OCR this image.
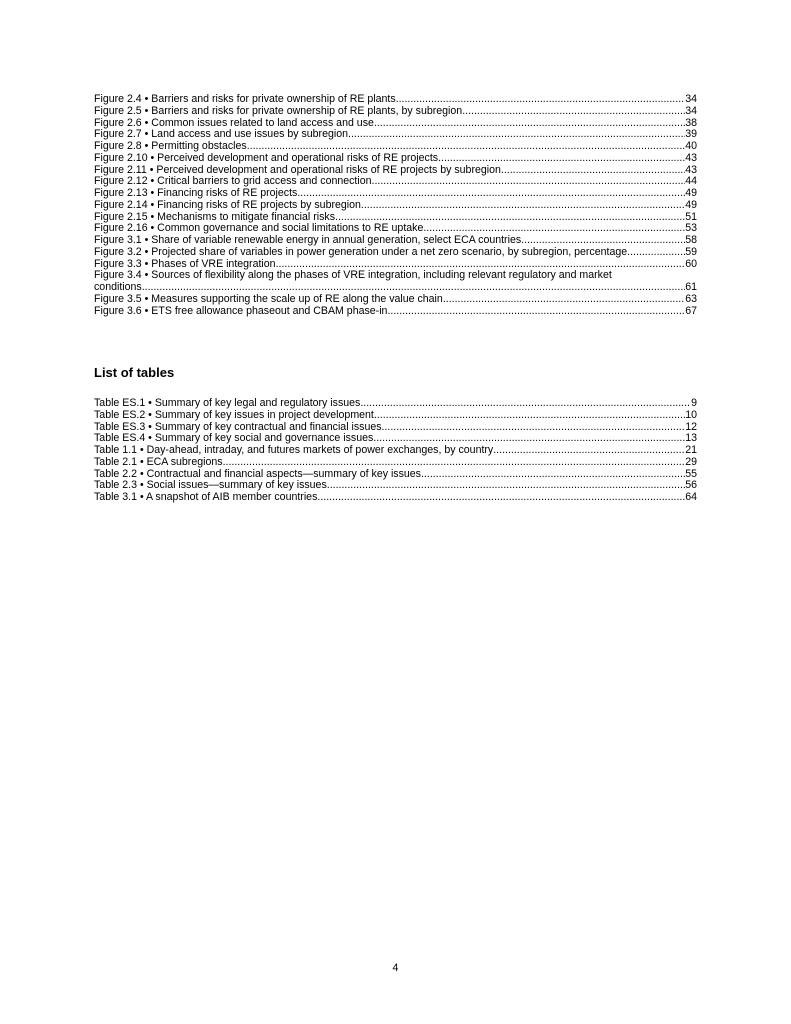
Figure 2.4 • Barriers and risks for private ownership of RE plants .....	34
Figure 2.5 • Barriers and risks for private ownership of RE plants, by subregion .....	34
Figure 2.6 • Common issues related to land access and use .....	38
Figure 2.7 • Land access and use issues by subregion .....	39
Figure 2.8 • Permitting obstacles .....	40
Figure 2.10 • Perceived development and operational risks of RE projects .....	43
Figure 2.11 • Perceived development and operational risks of RE projects by subregion .....	43
Figure 2.12 • Critical barriers to grid access and connection .....	44
Figure 2.13 • Financing risks of RE projects .....	49
Figure 2.14 • Financing risks of RE projects by subregion .....	49
Figure 2.15 • Mechanisms to mitigate financial risks .....	51
Figure 2.16 • Common governance and social limitations to RE uptake .....	53
Figure 3.1 • Share of variable renewable energy in annual generation, select ECA countries .....	58
Figure 3.2 • Projected share of variables in power generation under a net zero scenario, by subregion, percentage .....	59
Figure 3.3 • Phases of VRE integration .....	60
Figure 3.4 • Sources of flexibility along the phases of VRE integration, including relevant regulatory and market
conditions .....	61
Figure 3.5 • Measures supporting the scale up of RE along the value chain .....	63
Figure 3.6 • ETS free allowance phaseout and CBAM phase-in .....	67
List of tables
Table ES.1 • Summary of key legal and regulatory issues .....	9
Table ES.2 • Summary of key issues in project development .....	10
Table ES.3 • Summary of key contractual and financial issues .....	12
Table ES.4 • Summary of key social and governance issues .....	13
Table 1.1 • Day-ahead, intraday, and futures markets of power exchanges, by country .....	21
Table 2.1 • ECA subregions .....	29
Table 2.2 • Contractual and financial aspects—summary of key issues .....	55
Table 2.3 • Social issues—summary of key issues .....	56
Table 3.1 • A snapshot of AIB member countries .....	64
4
